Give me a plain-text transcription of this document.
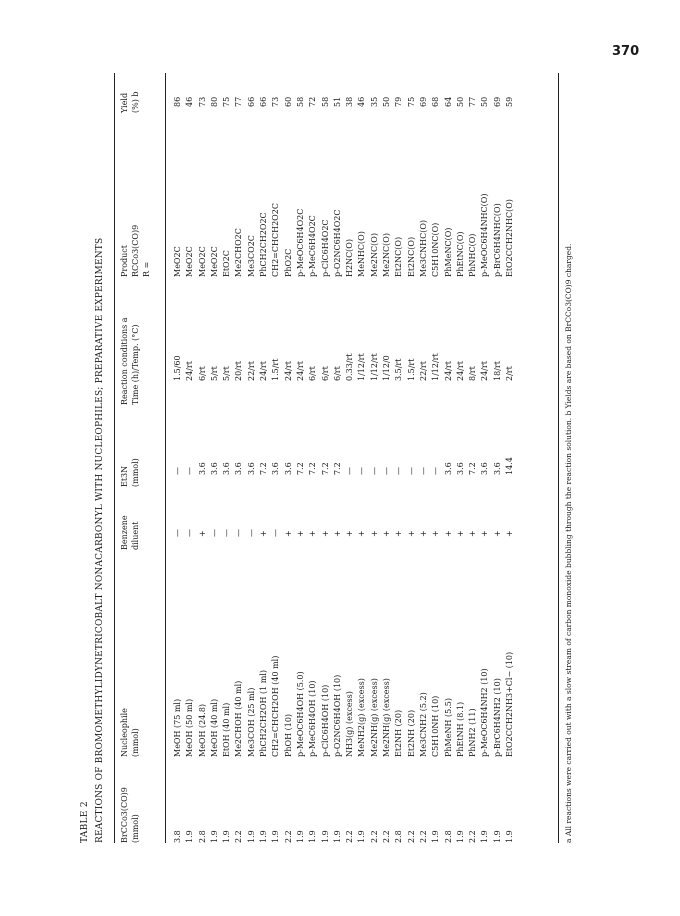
370
TABLE 2 REACTIONS OF BROMOMETHYLIDYNETRICOBALT NONACARBONYL WITH NUCLEOPHILES; PREPARATIVE EXPERIMENTS BrCCo3(CO)9
(mmol)
Nucleophile
(mmol)
Benzene
diluent
Et3N
(mmol)
Reaction conditions a
Time (h)/Temp. (°C)
Product
RCCo3(CO)9
R =
Yield
(%) b
3.8
MeOH (75 ml)
—
—
1.5/60
MeO2C
86
1.9
MeOH (50 ml)
—
—
24/rt
MeO2C
46
2.8
MeOH (24.8)
+
3.6
6/rt
MeO2C
73
1.9
MeOH (40 ml)
—
3.6
5/rt
MeO2C
80
1.9
EtOH (40 ml)
—
3.6
5/rt
EtO2C
75
2.2
Me2CHOH (40 ml)
—
3.6
20/rt
Me2CHO2C
77
1.9
Me3COH (25 ml)
—
3.6
22/rt
Me3CO2C
66
1.9
PhCH2CH2OH (1 ml)
+
7.2
24/rt
PhCH2CH2O2C
66
1.9
CH2=CHCH2OH (40 ml)
—
3.6
1.5/rt
CH2=CHCH2O2C
73
2.2
PhOH (10)
+
3.6
24/rt
PhO2C
60
1.9
p-MeOC6H4OH (5.0)
+
7.2
24/rt
p-MeOC6H4O2C
58
1.9
p-MeC6H4OH (10)
+
7.2
6/rt
p-MeC6H4O2C
72
1.9
p-ClC6H4OH (10)
+
7.2
6/rt
p-ClC6H4O2C
58
1.9
p-O2NC6H4OH (10)
+
7.2
6/rt
p-O2NC6H4O2C
51
2.2
NH3(g) (excess)
+
—
0.33/rt
H2NC(O)
38
1.9
MeNH2(g) (excess)
+
—
1/12/rt
MeNHC(O)
46
2.2
Me2NH(g) (excess)
+
—
1/12/rt
Me2NC(O)
35
2.2
Me2NH(g) (excess)
+
—
1/12/0
Me2NC(O)
50
2.8
Et2NH (20)
+
—
3.5/rt
Et2NC(O)
79
2.2
Et2NH (20)
+
—
1.5/rt
Et2NC(O)
75
2.2
Me3CNH2 (5.2)
+
—
22/rt
Me3CNHC(O)
69
1.9
C5H10NH (10)
+
—
1/12/rt
C5H10NC(O)
68
2.8
PhMeNH (5.5)
+
3.6
24/rt
PhMeNC(O)
64
1.9
PhEtNH (8.1)
+
3.6
24/rt
PhEtNC(O)
50
2.2
PhNH2 (11)
+
7.2
8/rt
PhNHC(O)
77
1.9
p-MeOC6H4NH2 (10)
+
3.6
24/rt
p-MeOC6H4NHC(O)
50
1.9
p-BrC6H4NH2 (10)
+
3.6
18/rt
p-BrC6H4NHC(O)
69
1.9
EtO2CCH2NH3+Cl− (10)
+
14.4
2/rt
EtO2CCH2NHC(O)
59
a All reactions were carried out with a slow stream of carbon monoxide bubbling through the reaction solution. b Yields are based on BrCCo3(CO)9 charged.
